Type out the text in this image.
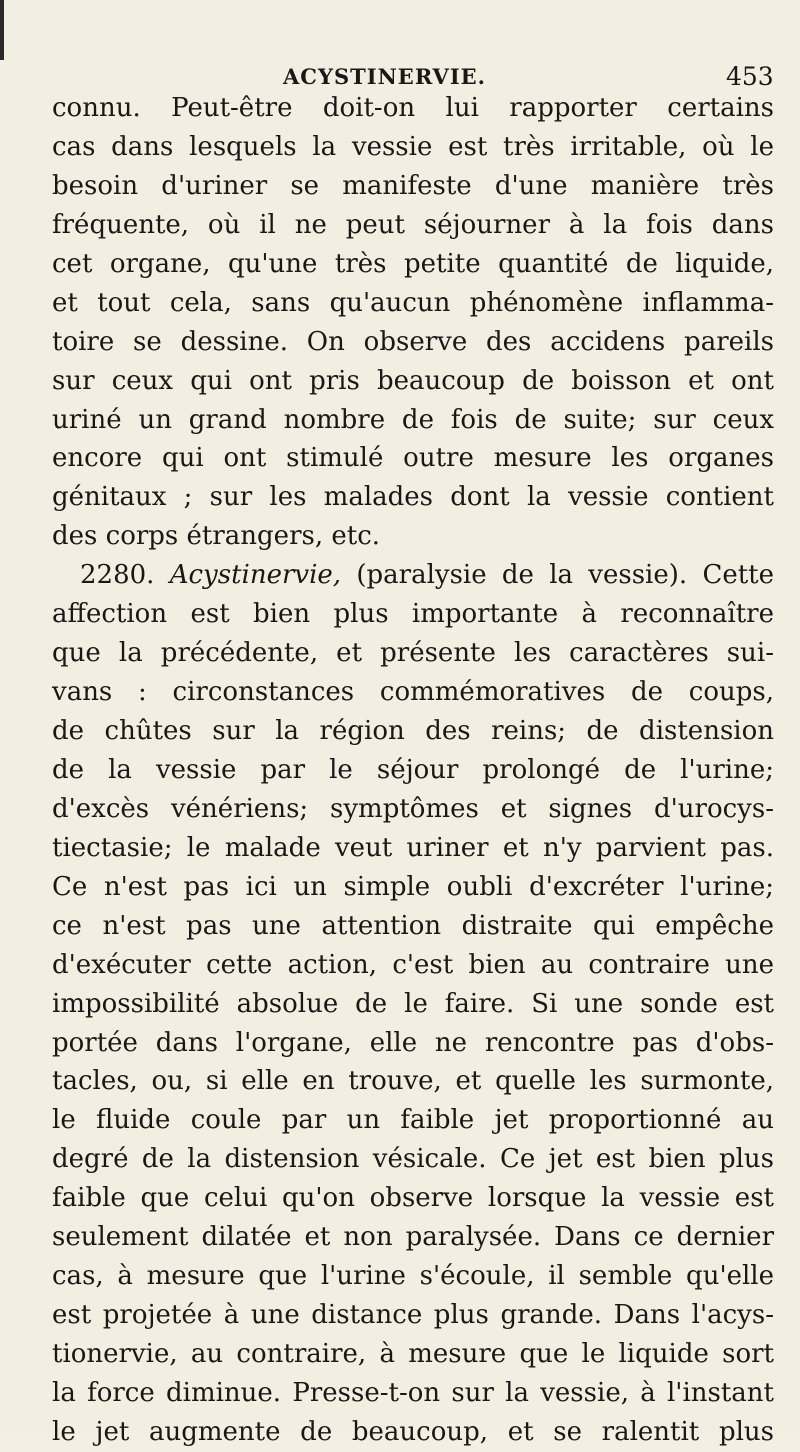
ACYSTINERVIE.	453
connu. Peut-être doit-on lui rapporter certains
cas dans lesquels la vessie est très irritable, où le
besoin d'uriner se manifeste d'une manière très
fréquente, où il ne peut séjourner à la fois dans
cet organe, qu'une très petite quantité de liquide,
et tout cela, sans qu'aucun phénomène inflamma-
toire se dessine. On observe des accidens pareils
sur ceux qui ont pris beaucoup de boisson et ont
uriné un grand nombre de fois de suite; sur ceux
encore qui ont stimulé outre mesure les organes
génitaux ; sur les malades dont la vessie contient
des corps étrangers, etc.
2280. Acystinervie, (paralysie de la vessie). Cette
affection est bien plus importante à reconnaître
que la précédente, et présente les caractères sui-
vans : circonstances commémoratives de coups,
de chûtes sur la région des reins; de distension
de la vessie par le séjour prolongé de l'urine;
d'excès vénériens; symptômes et signes d'urocys-
tiectasie; le malade veut uriner et n'y parvient pas.
Ce n'est pas ici un simple oubli d'excréter l'urine;
ce n'est pas une attention distraite qui empêche
d'exécuter cette action, c'est bien au contraire une
impossibilité absolue de le faire. Si une sonde est
portée dans l'organe, elle ne rencontre pas d'obs-
tacles, ou, si elle en trouve, et quelle les surmonte,
le fluide coule par un faible jet proportionné au
degré de la distension vésicale. Ce jet est bien plus
faible que celui qu'on observe lorsque la vessie est
seulement dilatée et non paralysée. Dans ce dernier
cas, à mesure que l'urine s'écoule, il semble qu'elle
est projetée à une distance plus grande. Dans l'acys-
tionervie, au contraire, à mesure que le liquide sort
la force diminue. Presse-t-on sur la vessie, à l'instant
le jet augmente de beaucoup, et se ralentit plus
